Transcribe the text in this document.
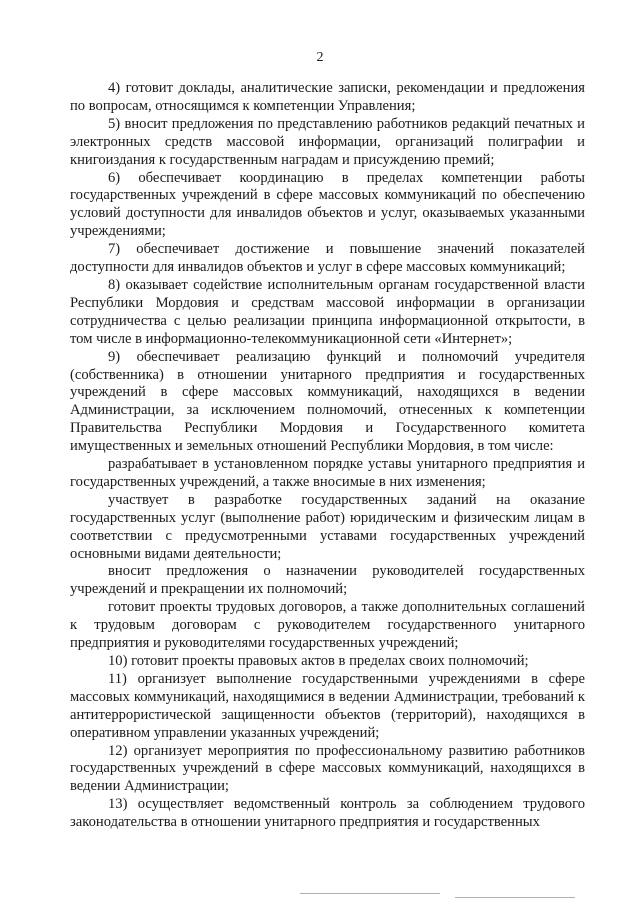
2

4) готовит доклады, аналитические записки, рекомендации и предложения по вопросам, относящимся к компетенции Управления;

5) вносит предложения по представлению работников редакций печатных и электронных средств массовой информации, организаций полиграфии и книгоиздания к государственным наградам и присуждению премий;

6) обеспечивает координацию в пределах компетенции работы государственных учреждений в сфере массовых коммуникаций по обеспечению условий доступности для инвалидов объектов и услуг, оказываемых указанными учреждениями;

7) обеспечивает достижение и повышение значений показателей доступности для инвалидов объектов и услуг в сфере массовых коммуникаций;

8) оказывает содействие исполнительным органам государственной власти Республики Мордовия и средствам массовой информации в организации сотрудничества с целью реализации принципа информационной открытости, в том числе в информационно-телекоммуникационной сети «Интернет»;

9) обеспечивает реализацию функций и полномочий учредителя (собственника) в отношении унитарного предприятия и государственных учреждений в сфере массовых коммуникаций, находящихся в ведении Администрации, за исключением полномочий, отнесенных к компетенции Правительства Республики Мордовия и Государственного комитета имущественных и земельных отношений Республики Мордовия, в том числе:

разрабатывает в установленном порядке уставы унитарного предприятия и государственных учреждений, а также вносимые в них изменения;

участвует в разработке государственных заданий на оказание государственных услуг (выполнение работ) юридическим и физическим лицам в соответствии с предусмотренными уставами государственных учреждений основными видами деятельности;

вносит предложения о назначении руководителей государственных учреждений и прекращении их полномочий;

готовит проекты трудовых договоров, а также дополнительных соглашений к трудовым договорам с руководителем государственного унитарного предприятия и руководителями государственных учреждений;

10) готовит проекты правовых актов в пределах своих полномочий;

11) организует выполнение государственными учреждениями в сфере массовых коммуникаций, находящимися в ведении Администрации, требований к антитеррористической защищенности объектов (территорий), находящихся в оперативном управлении указанных учреждений;

12) организует мероприятия по профессиональному развитию работников государственных учреждений в сфере массовых коммуникаций, находящихся в ведении Администрации;

13) осуществляет ведомственный контроль за соблюдением трудового законодательства в отношении унитарного предприятия и государственных
